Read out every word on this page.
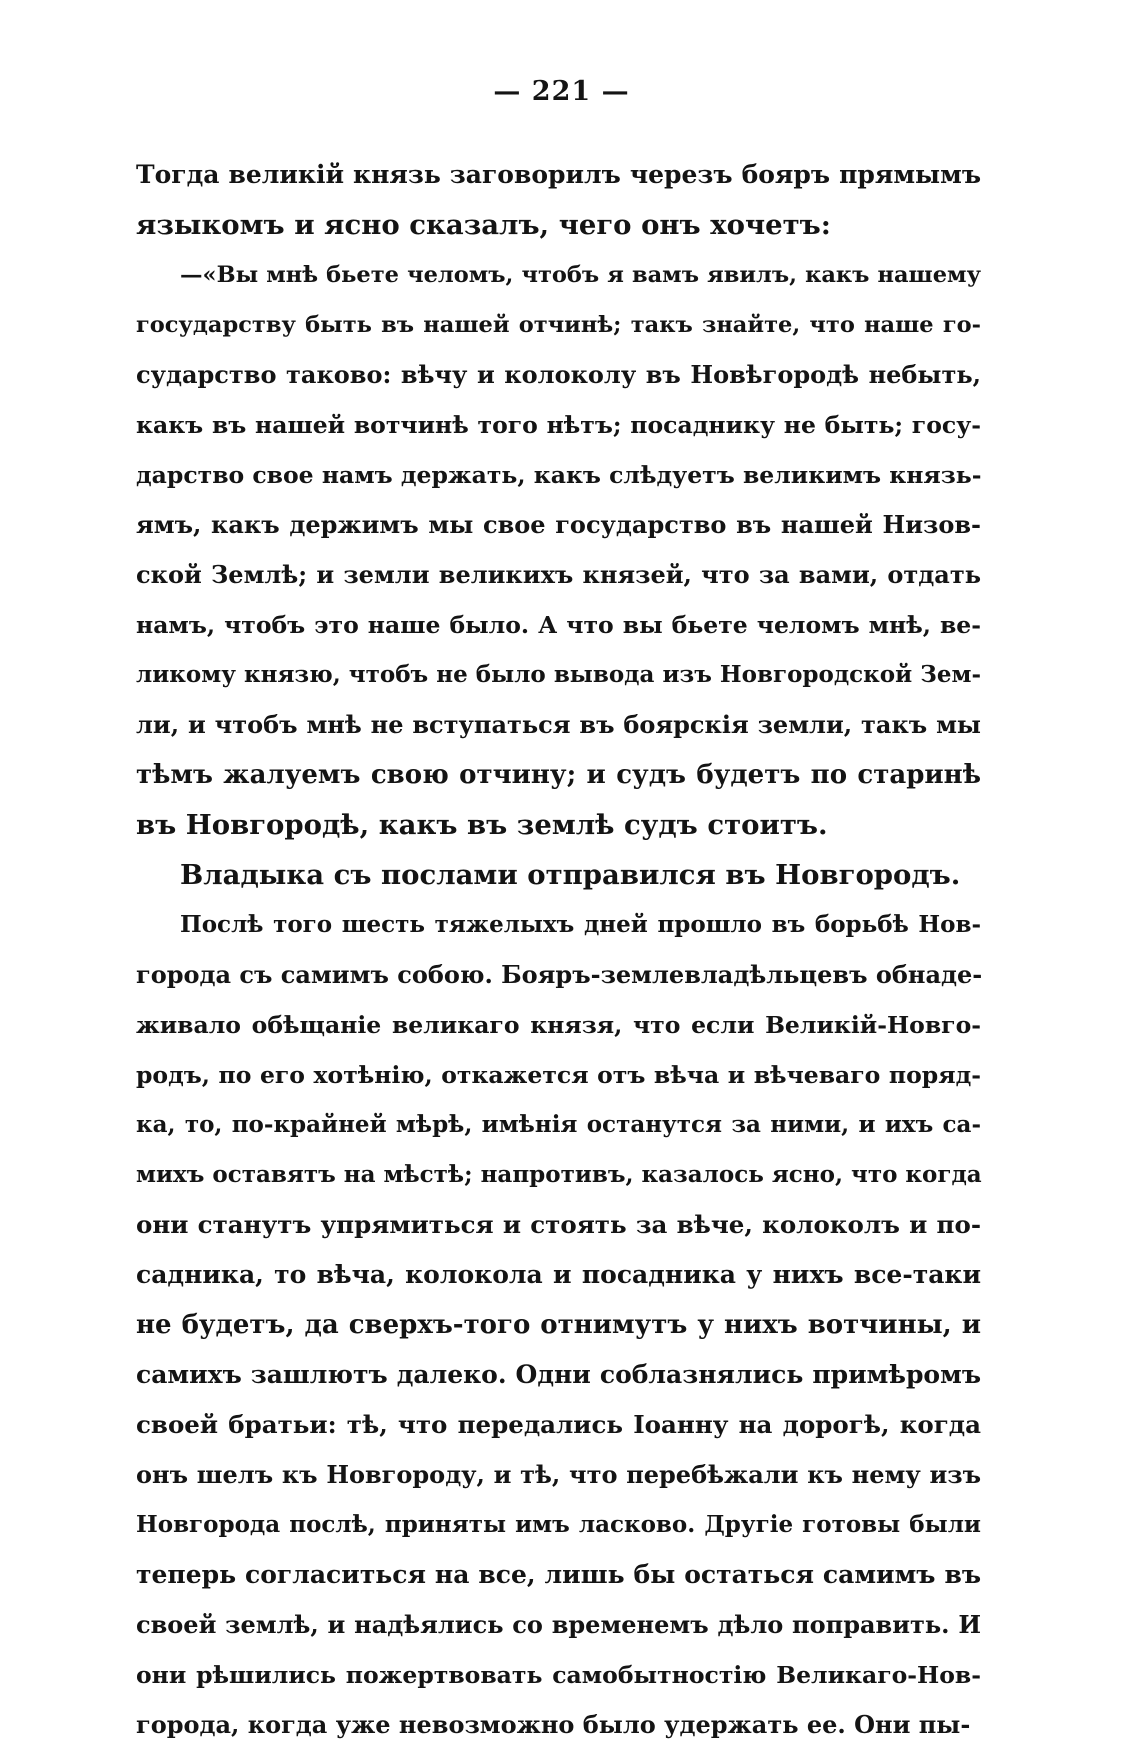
— 221 —
Тогда великій князь заговорилъ черезъ бояръ прямымъ
языкомъ и ясно сказалъ, чего онъ хочетъ:
—«Вы мнѣ бьете челомъ, чтобъ я вамъ явилъ, какъ нашему
государству быть въ нашей отчинѣ; такъ знайте, что наше го-
сударство таково: вѣчу и колоколу въ Новѣгородѣ небыть,
какъ въ нашей вотчинѣ того нѣтъ; посаднику не быть; госу-
дарство свое намъ держать, какъ слѣдуетъ великимъ князь-
ямъ, какъ держимъ мы свое государство въ нашей Низов-
ской Землѣ; и земли великихъ князей, что за вами, отдать
намъ, чтобъ это наше было. А что вы бьете челомъ мнѣ, ве-
ликому князю, чтобъ не было вывода изъ Новгородской Зем-
ли, и чтобъ мнѣ не вступаться въ боярскія земли, такъ мы
тѣмъ жалуемъ свою отчину; и судъ будетъ по старинѣ
въ Новгородѣ, какъ въ землѣ судъ стоитъ.
Владыка съ послами отправился въ Новгородъ.
Послѣ того шесть тяжелыхъ дней прошло въ борьбѣ Нов-
города съ самимъ собою. Бояръ-землевладѣльцевъ обнаде-
живало обѣщаніе великаго князя, что если Великій-Новго-
родъ, по его хотѣнію, откажется отъ вѣча и вѣчеваго поряд-
ка, то, по-крайней мѣрѣ, имѣнія останутся за ними, и ихъ са-
михъ оставятъ на мѣстѣ; напротивъ, казалось ясно, что когда
они станутъ упрямиться и стоять за вѣче, колоколъ и по-
садника, то вѣча, колокола и посадника у нихъ все-таки
не будетъ, да сверхъ-того отнимутъ у нихъ вотчины, и
самихъ зашлютъ далеко. Одни соблазнялись примѣромъ
своей братьи: тѣ, что передались Іоанну на дорогѣ, когда
онъ шелъ къ Новгороду, и тѣ, что перебѣжали къ нему изъ
Новгорода послѣ, приняты имъ ласково. Другіе готовы были
теперь согласиться на все, лишь бы остаться самимъ въ
своей землѣ, и надѣялись со временемъ дѣло поправить. И
они рѣшились пожертвовать самобытностію Великаго-Нов-
города, когда уже невозможно было удержать ее. Они пы-
